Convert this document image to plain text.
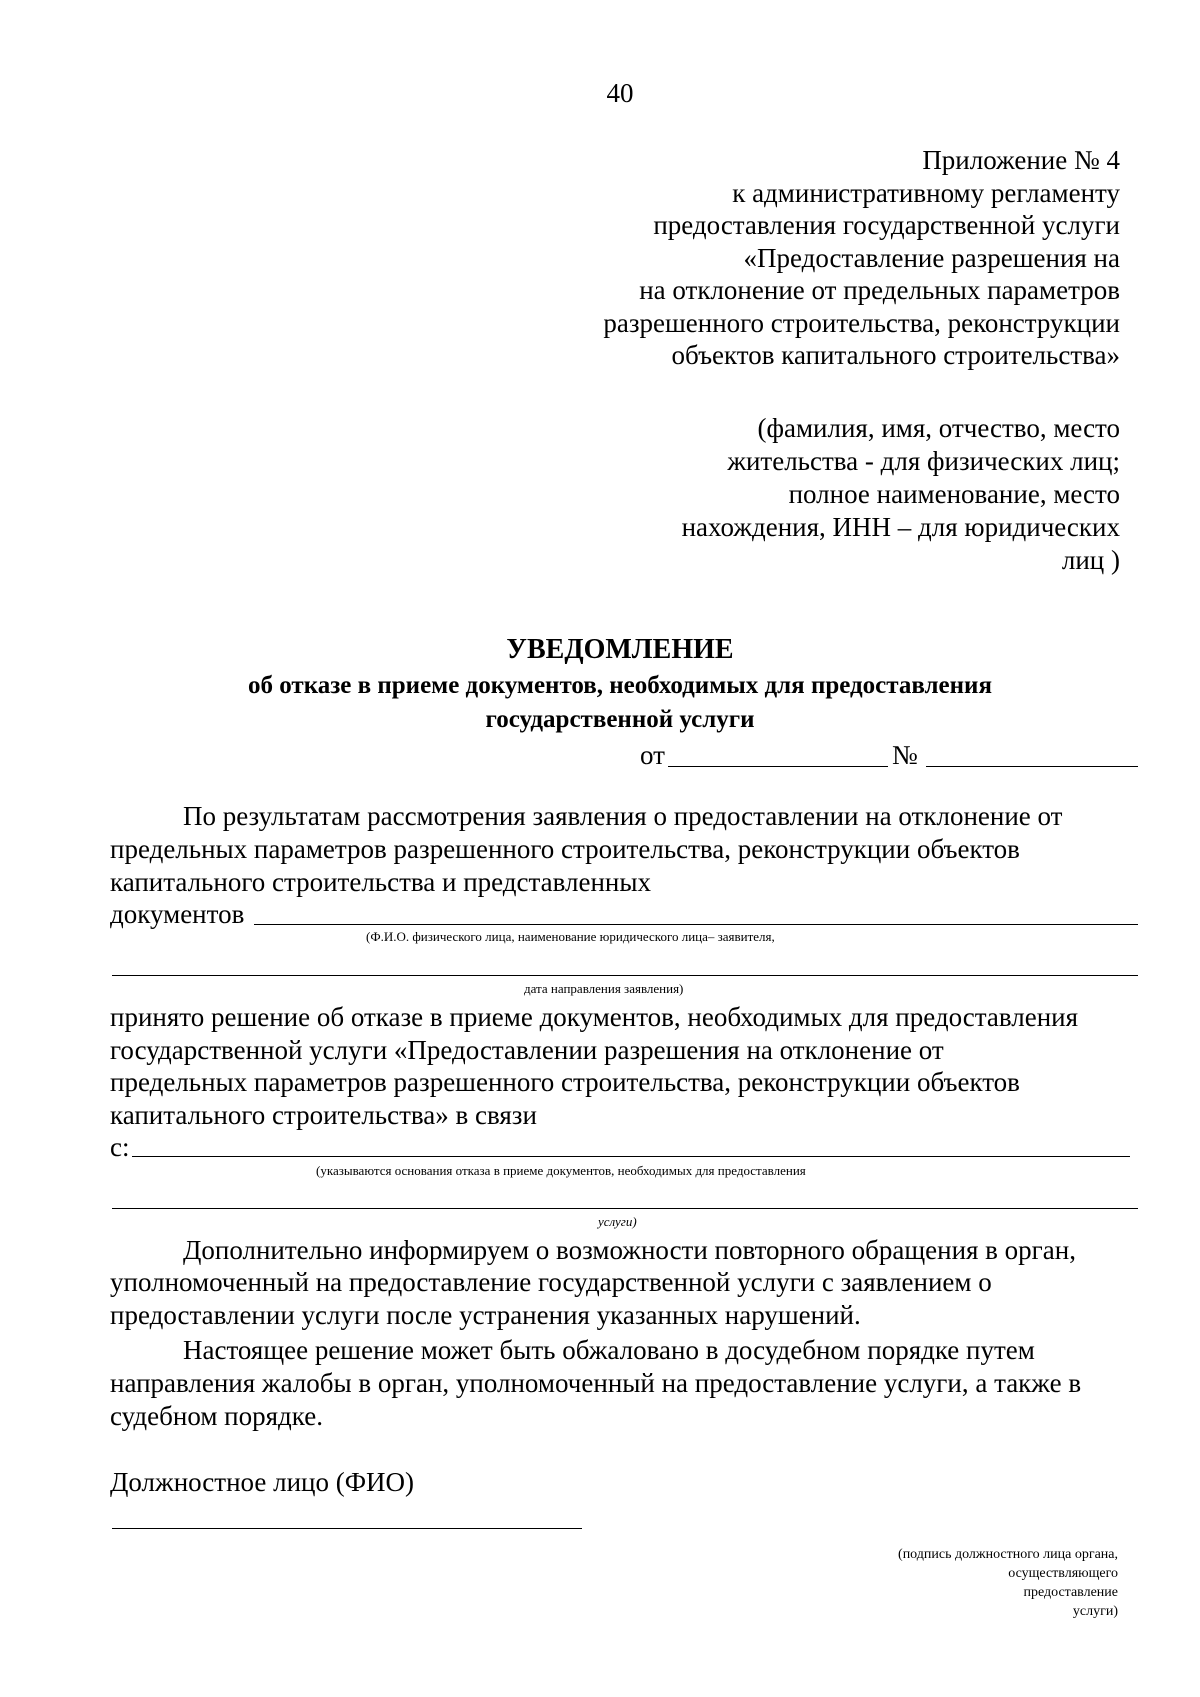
40
Приложение № 4
к административному регламенту
предоставления государственной услуги
«Предоставление разрешения на
на отклонение от предельных параметров
разрешенного строительства, реконструкции
объектов капитального строительства»
(фамилия, имя, отчество, место
жительства - для физических лиц;
полное наименование, место
нахождения, ИНН – для юридических
лиц )
УВЕДОМЛЕНИЕ
об отказе в приеме документов, необходимых для предоставления
государственной услуги
от	№
По результатам рассмотрения заявления о предоставлении на отклонение от
предельных параметров разрешенного строительства, реконструкции объектов
капитального строительства и представленных
документов
(Ф.И.О. физического лица, наименование юридического лица– заявителя,
дата направления заявления)
принято решение об отказе в приеме документов, необходимых для предоставления
государственной услуги «Предоставлении разрешения на отклонение от
предельных параметров разрешенного строительства, реконструкции объектов
капитального строительства» в связи
с:
(указываются основания отказа в приеме документов, необходимых для предоставления
услуги)
Дополнительно информируем о возможности повторного обращения в орган,
уполномоченный на предоставление государственной услуги с заявлением о
предоставлении услуги после устранения указанных нарушений.
Настоящее решение может быть обжаловано в досудебном порядке путем
направления жалобы в орган, уполномоченный на предоставление услуги, а также в
судебном порядке.
Должностное лицо (ФИО)
(подпись должностного лица органа,
осуществляющего
предоставление
услуги)
